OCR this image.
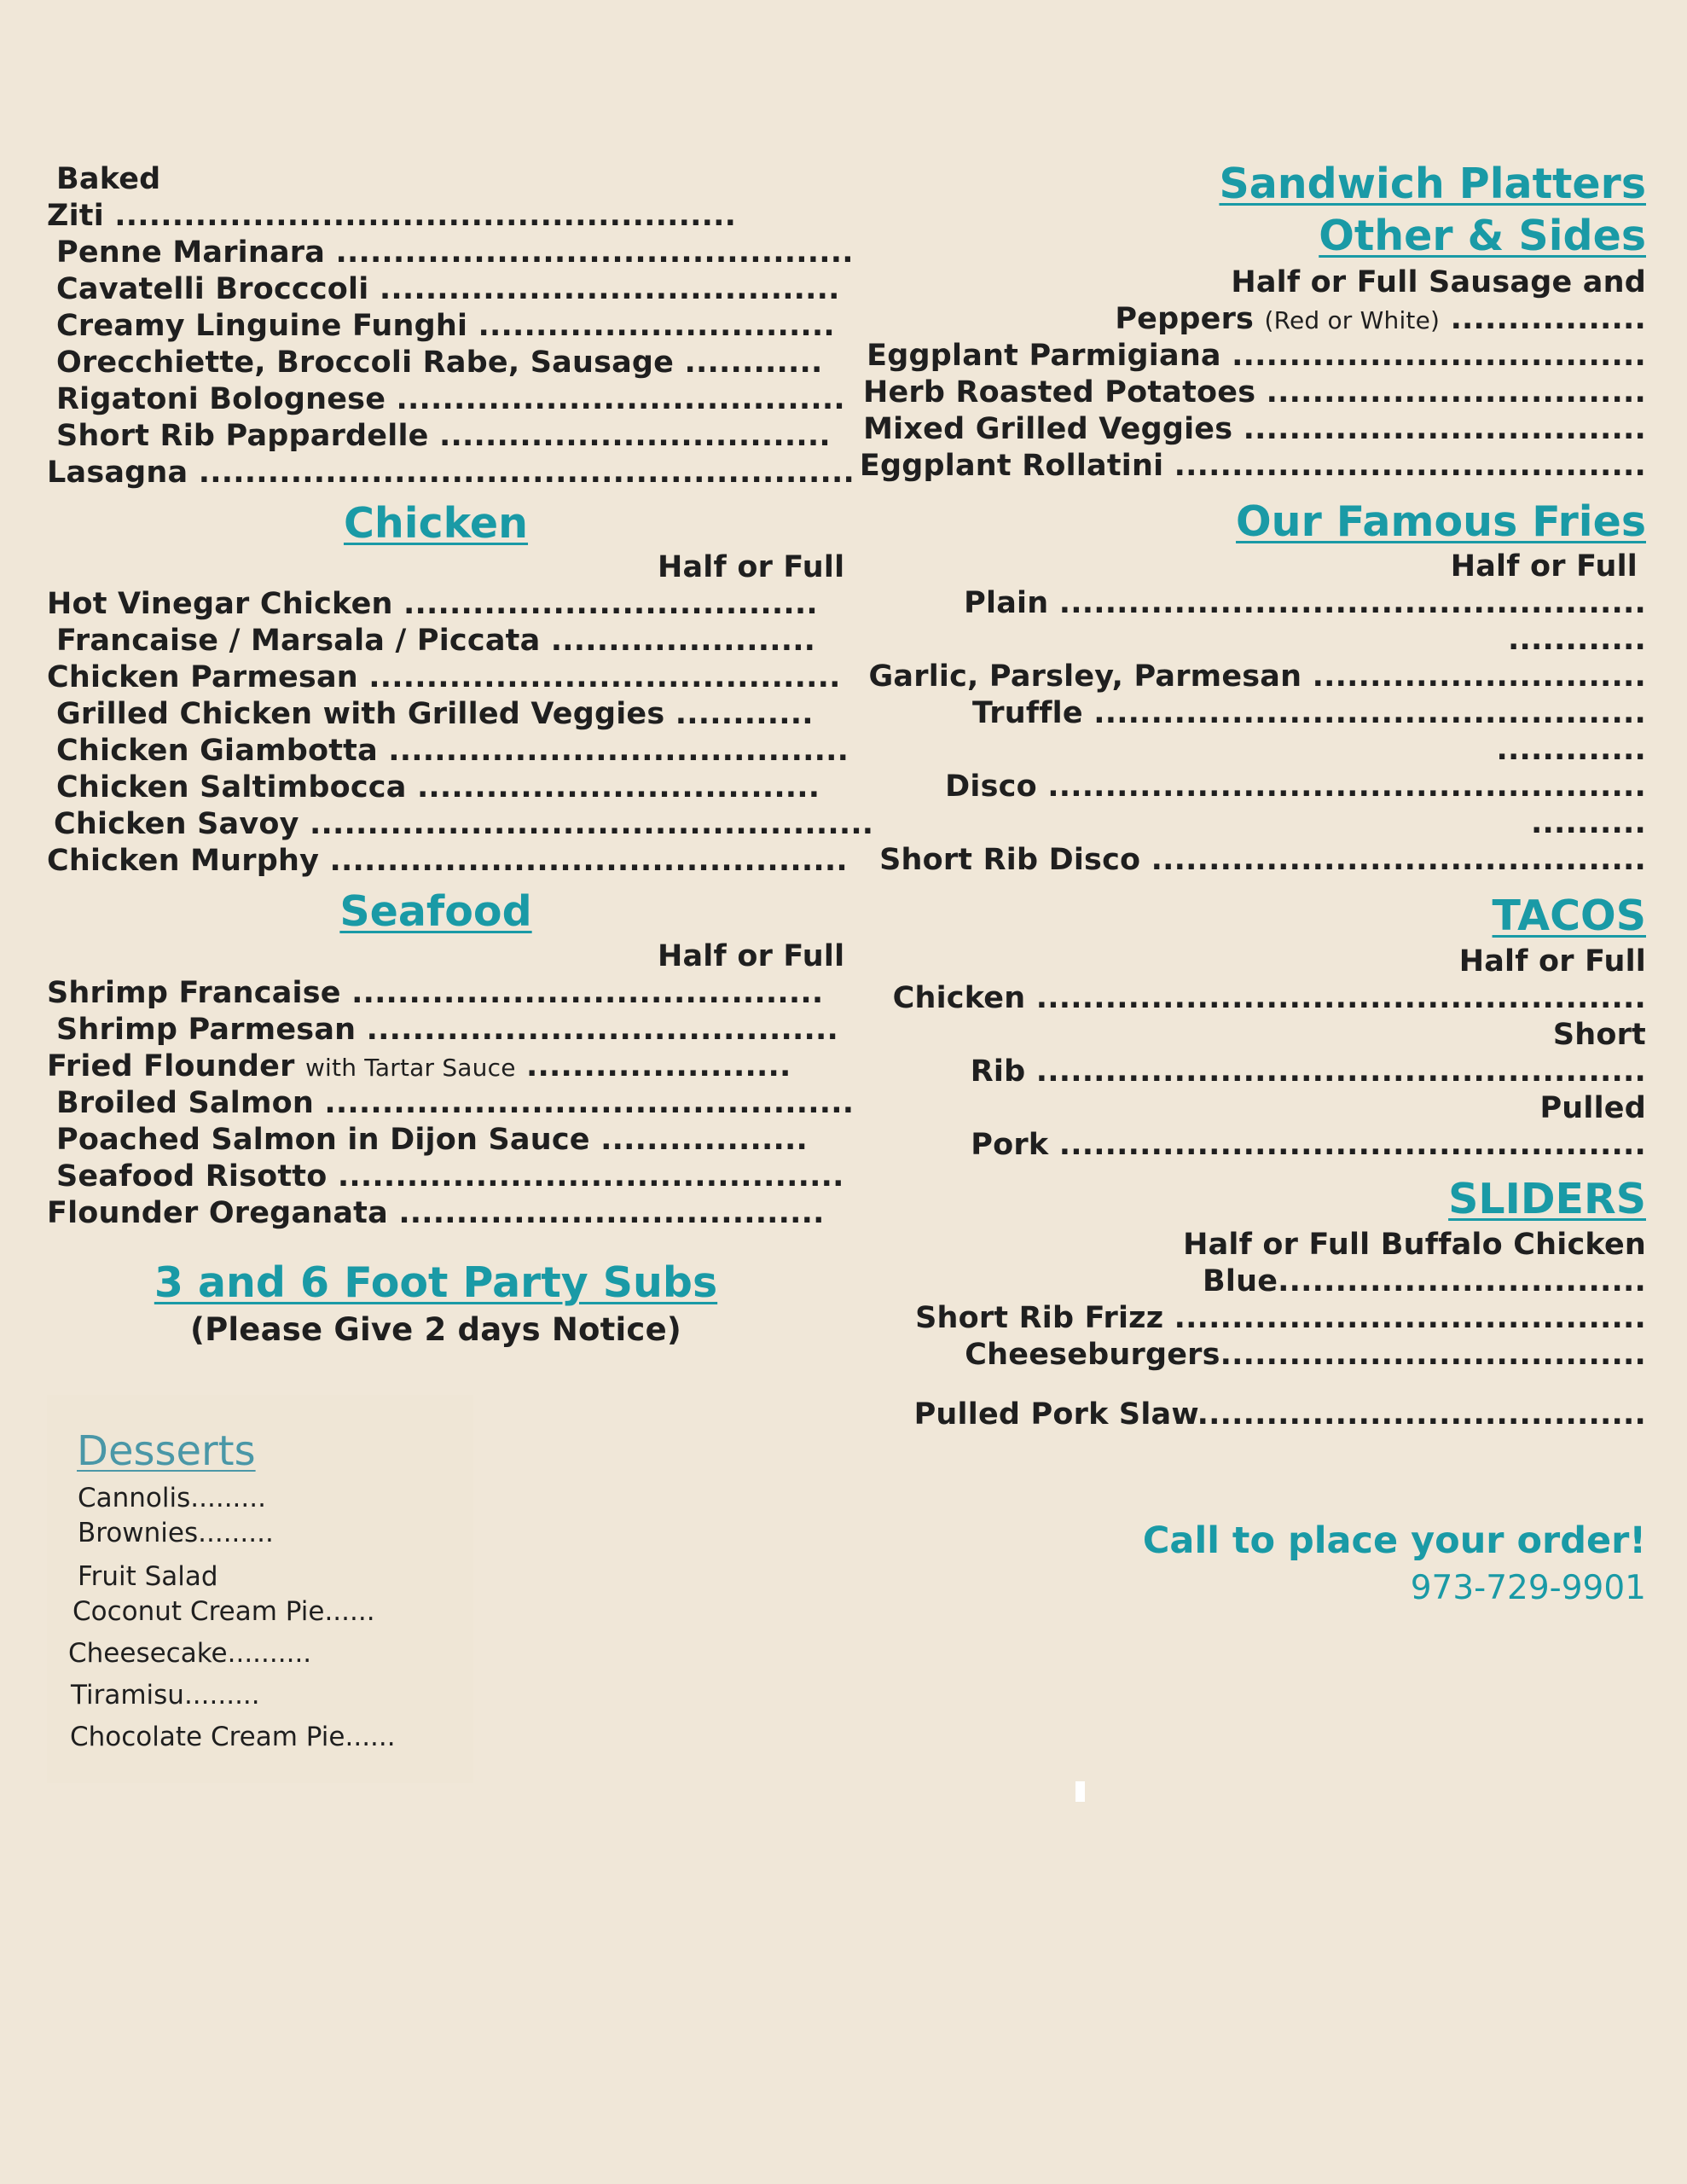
Baked
Ziti ......................................................
Penne Marinara .............................................
Cavatelli Brocccoli ........................................
Creamy Linguine Funghi ...............................
Orecchiette, Broccoli Rabe, Sausage ............
Rigatoni Bolognese .......................................
Short Rib Pappardelle ..................................
Lasagna .........................................................
Chicken
Half or Full
Hot Vinegar Chicken ....................................
Francaise / Marsala / Piccata .......................
Chicken Parmesan .........................................
Grilled Chicken with Grilled Veggies ............
Chicken Giambotta ........................................
Chicken Saltimbocca ...................................
Chicken Savoy .................................................
Chicken Murphy .............................................
Seafood
Half or Full
Shrimp Francaise .........................................
Shrimp Parmesan .........................................
Fried Flounder with Tartar Sauce .......................
Broiled Salmon ..............................................
Poached Salmon in Dijon Sauce ..................
Seafood Risotto ............................................
Flounder Oreganata .....................................
3 and 6 Foot Party Subs
(Please Give 2 days Notice)
Desserts
Cannolis.........
Brownies.........
Fruit Salad
Coconut Cream Pie......
Cheesecake..........
Tiramisu.........
Chocolate Cream Pie......
Sandwich Platters
Other & Sides
Half or Full Sausage and
Peppers (Red or White) .................
Eggplant Parmigiana ....................................
Herb Roasted Potatoes .................................
Mixed Grilled Veggies ...................................
Eggplant Rollatini .........................................
Our Famous Fries
Half or Full
Plain ...................................................
............
Garlic, Parsley, Parmesan .............................
Truffle ................................................
.............
Disco ....................................................
..........
Short Rib Disco ...........................................
TACOS
Half or Full
Chicken .....................................................
Short
Rib .....................................................
Pulled
Pork ...................................................
SLIDERS
Half or Full Buffalo Chicken
Blue................................
Short Rib Frizz .........................................
Cheeseburgers.....................................
Pulled Pork Slaw.......................................
Call to place your order!
973-729-9901
